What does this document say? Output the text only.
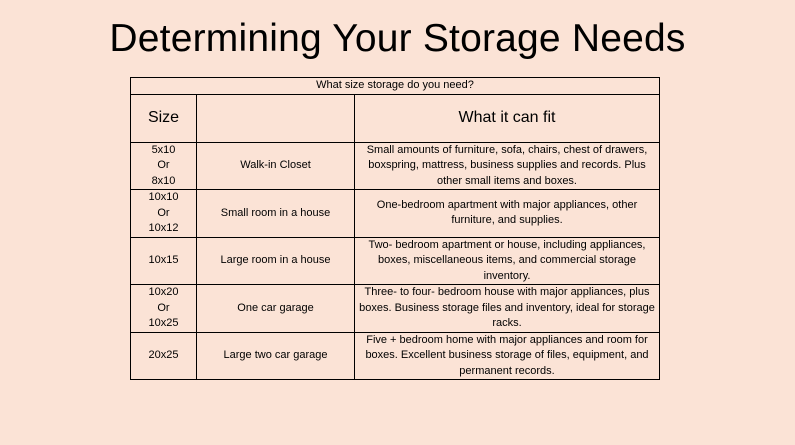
Determining Your Storage Needs
What size storage do you need?		
Size		What it can fit

5x10
Or
8x10	Walk-in Closet	Small amounts of furniture, sofa, chairs, chest of drawers, boxspring, mattress, business supplies and records. Plus other small items and boxes.

10x10
Or
10x12	Small room in a house	One-bedroom apartment with major appliances, other furniture, and supplies.

10x15	Large room in a house	Two- bedroom apartment or house, including appliances, boxes, miscellaneous items, and commercial storage inventory.

10x20
Or
10x25	One car garage	Three- to four- bedroom house with major appliances, plus boxes. Business storage files and inventory, ideal for storage racks.

20x25	Large two car garage	Five + bedroom home with major appliances and room for boxes. Excellent business storage of files, equipment, and permanent records.
